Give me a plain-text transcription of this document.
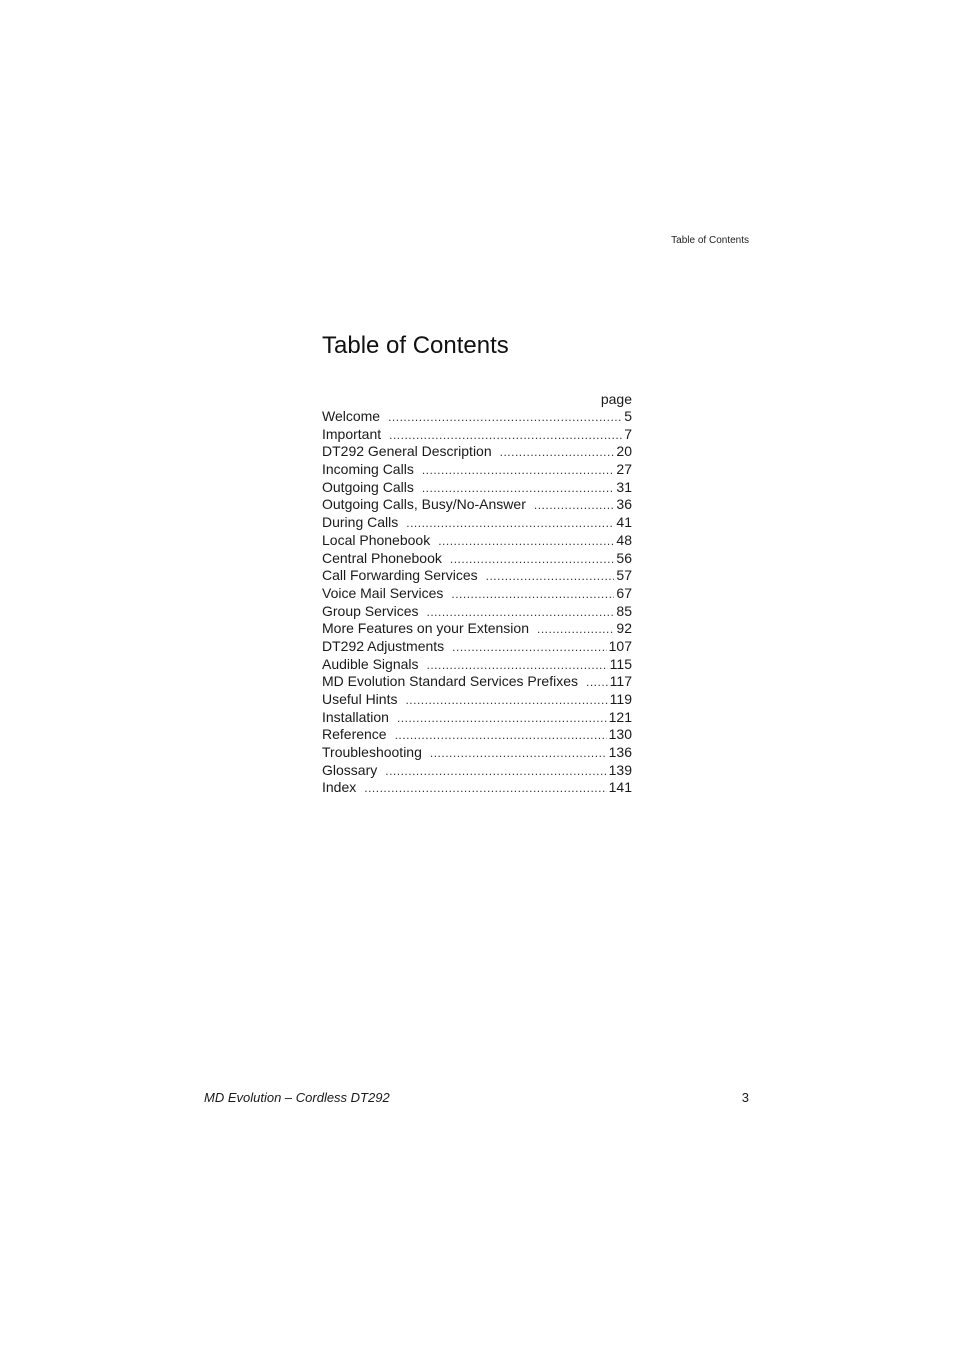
Table of Contents
Table of Contents
page
Welcome .....	5
Important .....	7
DT292 General Description .....	20
Incoming Calls .....	27
Outgoing Calls .....	31
Outgoing Calls, Busy/No-Answer .....	36
During Calls .....	41
Local Phonebook .....	48
Central Phonebook .....	56
Call Forwarding Services .....	57
Voice Mail Services .....	67
Group Services .....	85
More Features on your Extension .....	92
DT292 Adjustments .....	107
Audible Signals .....	115
MD Evolution Standard Services Prefixes .....	117
Useful Hints .....	119
Installation .....	121
Reference .....	130
Troubleshooting .....	136
Glossary .....	139
Index .....	141
MD Evolution – Cordless DT292	3
